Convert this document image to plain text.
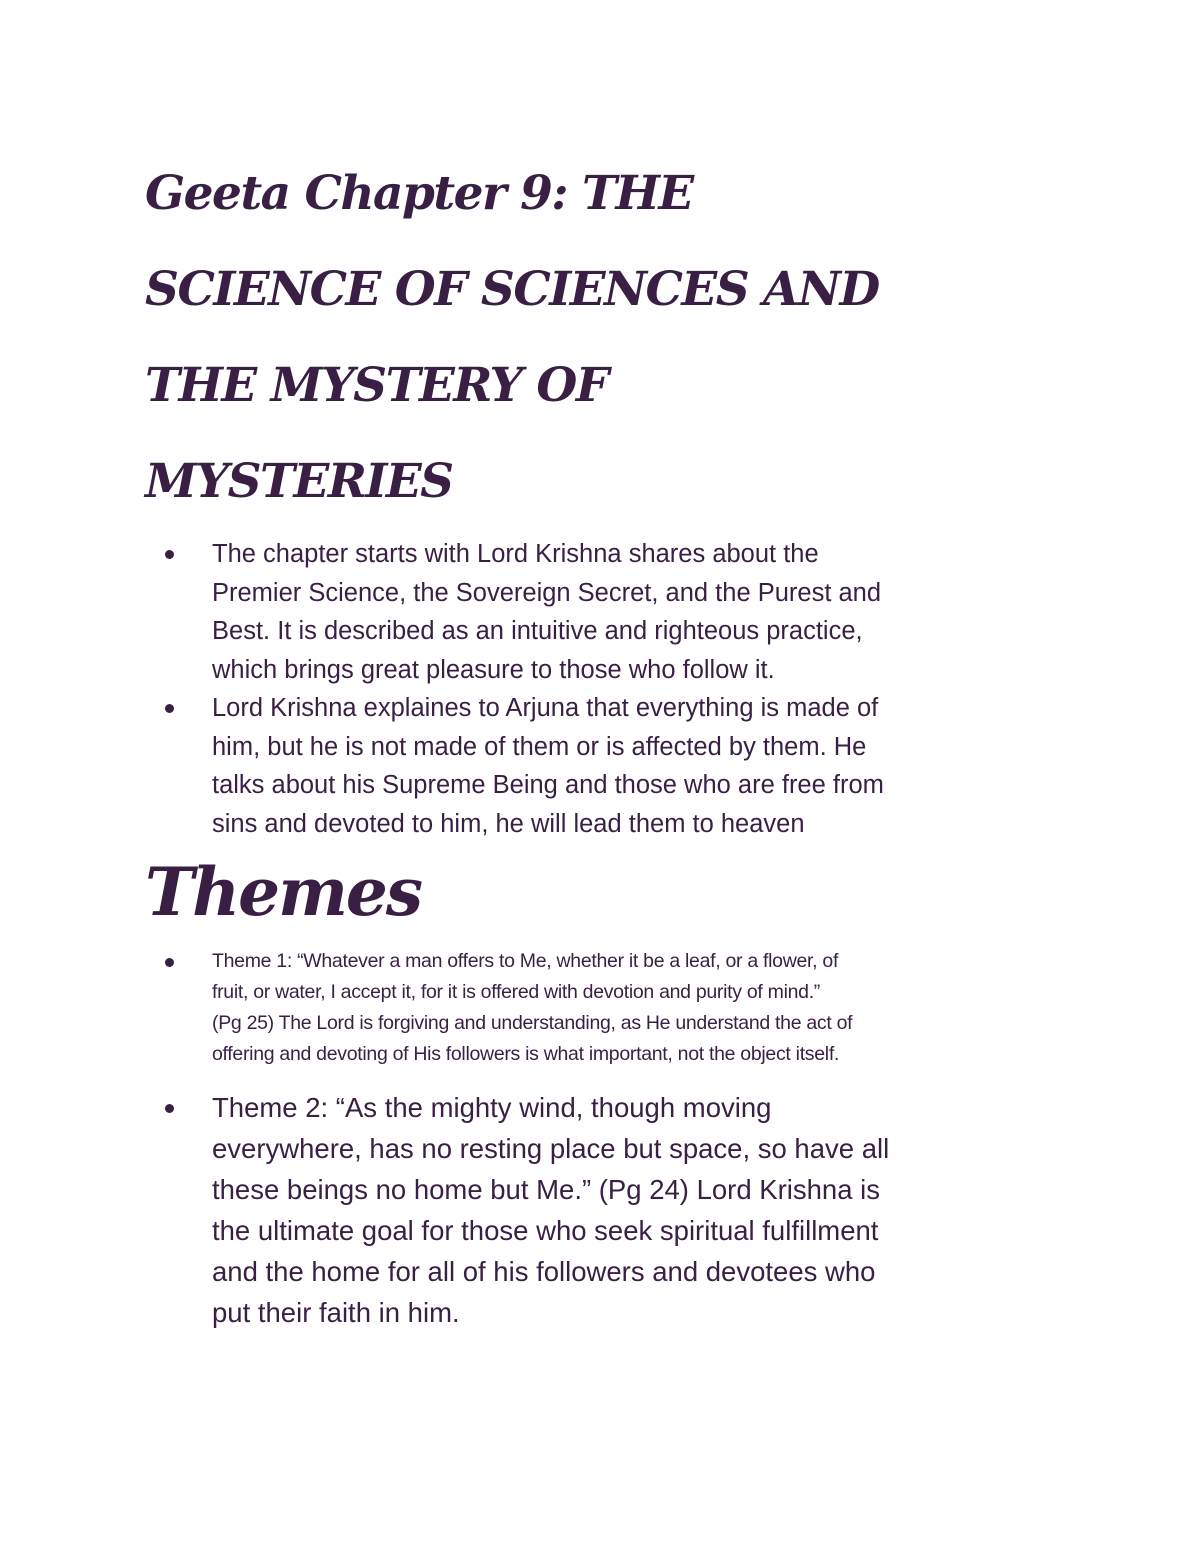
Geeta Chapter 9: THE
SCIENCE OF SCIENCES AND
THE MYSTERY OF
MYSTERIES
The chapter starts with Lord Krishna shares about the
Premier Science, the Sovereign Secret, and the Purest and
Best. It is described as an intuitive and righteous practice,
which brings great pleasure to those who follow it.
Lord Krishna explaines to Arjuna that everything is made of
him, but he is not made of them or is affected by them. He
talks about his Supreme Being and those who are free from
sins and devoted to him, he will lead them to heaven
Themes
Theme 1: “Whatever a man offers to Me, whether it be a leaf, or a flower, of
fruit, or water, I accept it, for it is offered with devotion and purity of mind.”
(Pg 25) The Lord is forgiving and understanding, as He understand the act of
offering and devoting of His followers is what important, not the object itself.
Theme 2: “As the mighty wind, though moving
everywhere, has no resting place but space, so have all
these beings no home but Me.” (Pg 24) Lord Krishna is
the ultimate goal for those who seek spiritual fulfillment
and the home for all of his followers and devotees who
put their faith in him.
